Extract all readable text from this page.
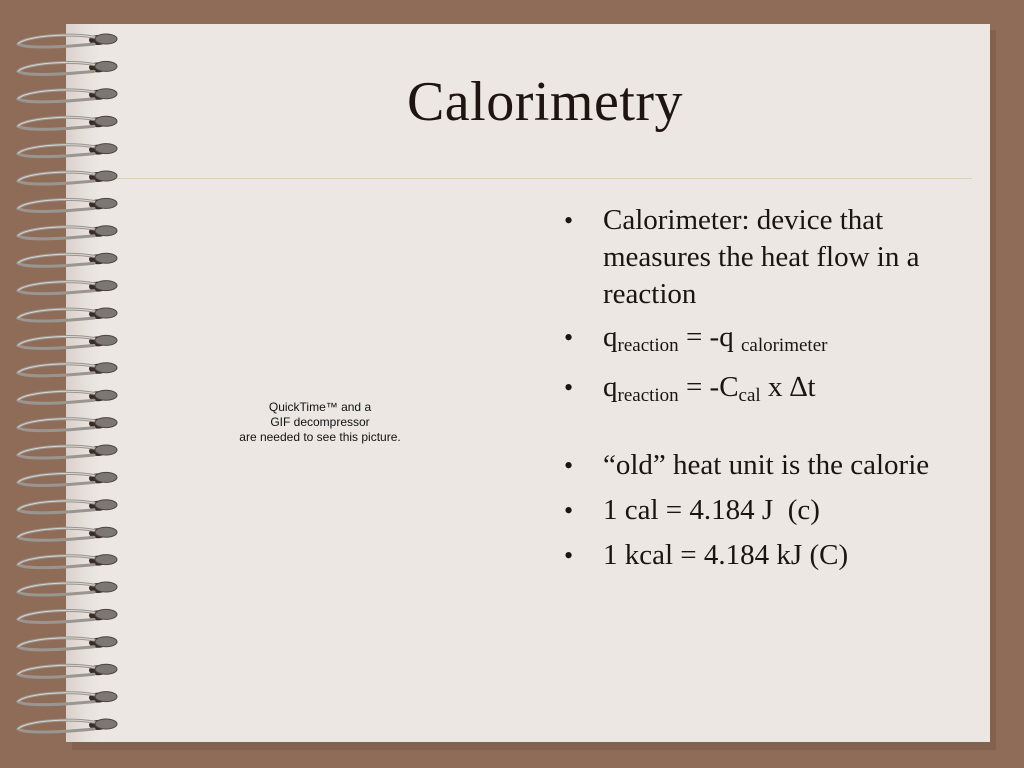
Calorimetry
QuickTime™ and a
GIF decompressor
are needed to see this picture.
• Calorimeter: device that measures the heat flow in a reaction
• $q_{reaction} = -q$ $_{calorimeter}$
• $q_{reaction} = -C_{cal}$ x ∆t
• “old” heat unit is the calorie
• 1 cal = 4.184 J  (c)
• 1 kcal = 4.184 kJ (C)
